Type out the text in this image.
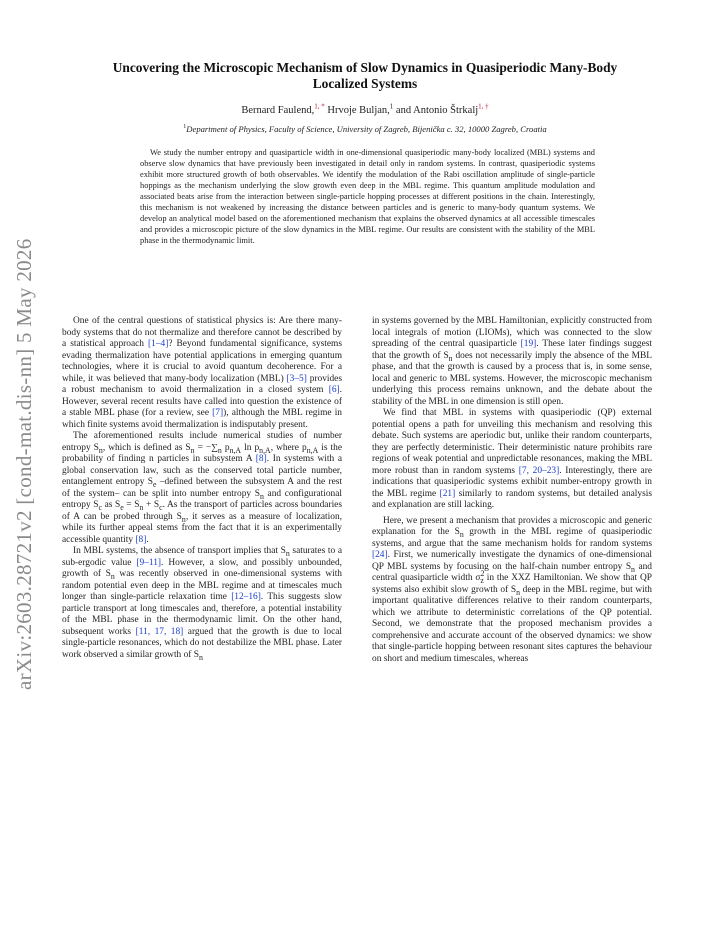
arXiv:2603.28721v2 [cond-mat.dis-nn] 5 May 2026
Uncovering the Microscopic Mechanism of Slow Dynamics in Quasiperiodic Many-Body Localized Systems
Bernard Faulend,$^{1, *}$ Hrvoje Buljan,$^1$ and Antonio Štrkalj$^{1, \dagger}$
$^1$Department of Physics, Faculty of Science, University of Zagreb, Bijenička c. 32, 10000 Zagreb, Croatia
We study the number entropy and quasiparticle width in one-dimensional quasiperiodic many-body localized (MBL) systems and observe slow dynamics that have previously been investigated in detail only in random systems. In contrast, quasiperiodic systems exhibit more structured growth of both observables. We identify the modulation of the Rabi oscillation amplitude of single-particle hoppings as the mechanism underlying the slow growth even deep in the MBL regime. This quantum amplitude modulation and associated beats arise from the interaction between single-particle hopping processes at different positions in the chain. Interestingly, this mechanism is not weakened by increasing the distance between particles and is generic to many-body quantum systems. We develop an analytical model based on the aforementioned mechanism that explains the observed dynamics at all accessible timescales and provides a microscopic picture of the slow dynamics in the MBL regime. Our results are consistent with the stability of the MBL phase in the thermodynamic limit.

One of the central questions of statistical physics is: Are there many-body systems that do not thermalize and therefore cannot be described by a statistical approach [1–4]? Beyond fundamental significance, systems evading thermalization have potential applications in emerging quantum technologies, where it is crucial to avoid quantum decoherence. For a while, it was believed that many-body localization (MBL) [3–5] provides a robust mechanism to avoid thermalization in a closed system [6]. However, several recent results have called into question the existence of a stable MBL phase (for a review, see [7]), although the MBL regime in which finite systems avoid thermalization is indisputably present.

The aforementioned results include numerical studies of number entropy $S_n$, which is defined as $S_n = -\sum_n$ $p_{n,A}$ $\ln p_{n,A}$, where $p_{n,A}$ is the probability of finding n particles in subsystem A [8]. In systems with a global conservation law, such as the conserved total particle number, entanglement entropy $S_e$ –defined between the subsystem A and the rest of the system– can be split into number entropy $S_n$ and configurational entropy $S_c$ as $S_e = S_n + S_c$. As the transport of particles across boundaries of A can be probed through $S_n$, it serves as a measure of localization, while its further appeal stems from the fact that it is an experimentally accessible quantity [8].

In MBL systems, the absence of transport implies that $S_n$ saturates to a sub-ergodic value [9–11]. However, a slow, and possibly unbounded, growth of $S_n$ was recently observed in one-dimensional systems with random potential even deep in the MBL regime and at timescales much longer than single-particle relaxation time [12–16]. This suggests slow particle transport at long timescales and, therefore, a potential instability of the MBL phase in the thermodynamic limit. On the other hand, subsequent works [11, 17, 18] argued that the growth is due to local single-particle resonances, which do not destabilize the MBL phase. Later work observed a similar growth of $S_n$

in systems governed by the MBL Hamiltonian, explicitly constructed from local integrals of motion (LIOMs), which was connected to the slow spreading of the central quasiparticle [19]. These later findings suggest that the growth of $S_n$ does not necessarily imply the absence of the MBL phase, and that the growth is caused by a process that is, in some sense, local and generic to MBL systems. However, the microscopic mechanism underlying this process remains unknown, and the debate about the stability of the MBL in one dimension is still open.

We find that MBL in systems with quasiperiodic (QP) external potential opens a path for unveiling this mechanism and resolving this debate. Such systems are aperiodic but, unlike their random counterparts, they are perfectly deterministic. Their deterministic nature prohibits rare regions of weak potential and unpredictable resonances, making the MBL more robust than in random systems [7, 20–23]. Interestingly, there are indications that quasiperiodic systems exhibit number-entropy growth in the MBL regime [21] similarly to random systems, but detailed analysis and explanation are still lacking.

Here, we present a mechanism that provides a microscopic and generic explanation for the $S_n$ growth in the MBL regime of quasiperiodic systems, and argue that the same mechanism holds for random systems [24]. First, we numerically investigate the dynamics of one-dimensional QP MBL systems by focusing on the half-chain number entropy $S_n$ and central quasiparticle width $\sigma^2_z$ in the XXZ Hamiltonian. We show that QP systems also exhibit slow growth of $S_n$ deep in the MBL regime, but with important qualitative differences relative to their random counterparts, which we attribute to deterministic correlations of the QP potential. Second, we demonstrate that the proposed mechanism provides a comprehensive and accurate account of the observed dynamics: we show that single-particle hopping between resonant sites captures the behaviour on short and medium timescales, whereas
